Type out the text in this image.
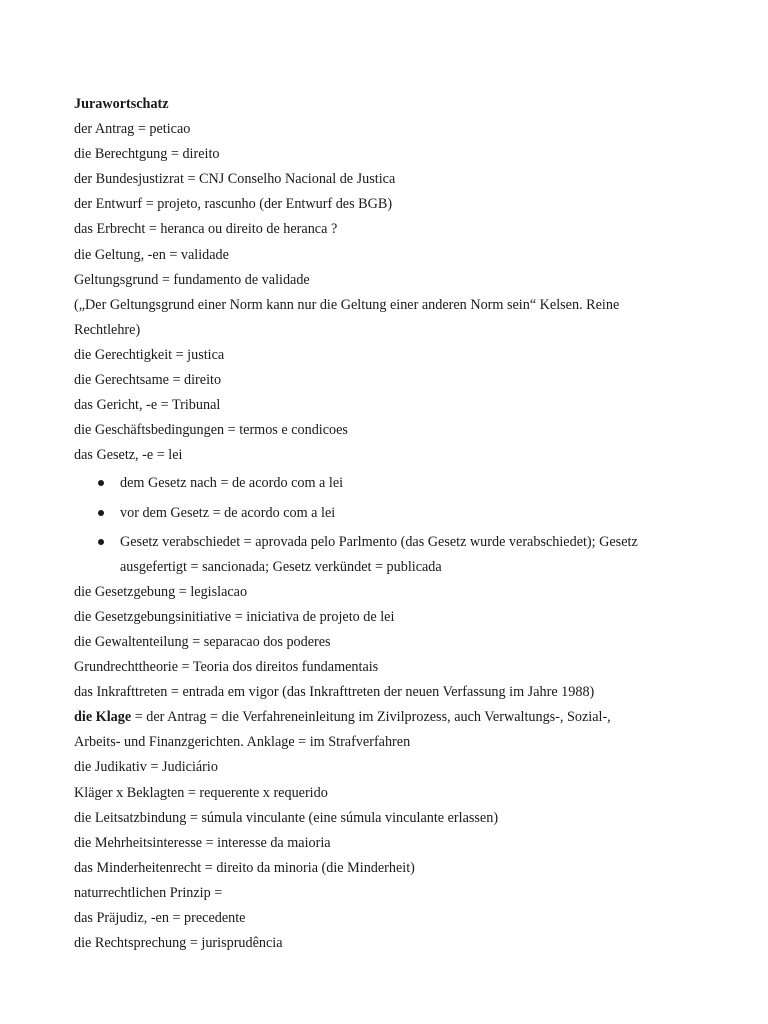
Jurawortschatz
der Antrag = peticao
die Berechtgung = direito
der Bundesjustizrat = CNJ Conselho Nacional de Justica
der Entwurf = projeto, rascunho (der Entwurf des BGB)
das Erbrecht = heranca ou direito de heranca ?
die Geltung, -en = validade
Geltungsgrund = fundamento de validade
(„Der Geltungsgrund einer Norm kann nur die Geltung einer anderen Norm sein“ Kelsen. Reine
Rechtlehre)
die Gerechtigkeit = justica
die Gerechtsame = direito
das Gericht, -e = Tribunal
die Geschäftsbedingungen = termos e condicoes
das Gesetz, -e = lei
dem Gesetz nach = de acordo com a lei
vor dem Gesetz = de acordo com a lei
Gesetz verabschiedet = aprovada pelo Parlmento (das Gesetz wurde verabschiedet); Gesetz ausgefertigt = sancionada; Gesetz verkündet = publicada
die Gesetzgebung = legislacao
die Gesetzgebungsinitiative = iniciativa de projeto de lei
die Gewaltenteilung = separacao dos poderes
Grundrechttheorie = Teoria dos direitos fundamentais
das Inkrafttreten = entrada em vigor (das Inkrafttreten der neuen Verfassung im Jahre 1988)
die Klage = der Antrag = die Verfahreneinleitung im Zivilprozess, auch Verwaltungs-, Sozial-,
Arbeits- und Finanzgerichten. Anklage = im Strafverfahren
die Judikativ = Judiciário
Kläger x Beklagten = requerente x requerido
die Leitsatzbindung = súmula vinculante (eine súmula vinculante erlassen)
die Mehrheitsinteresse = interesse da maioria
das Minderheitenrecht = direito da minoria (die Minderheit)
naturrechtlichen Prinzip =
das Präjudiz, -en = precedente
die Rechtsprechung = jurisprudência
